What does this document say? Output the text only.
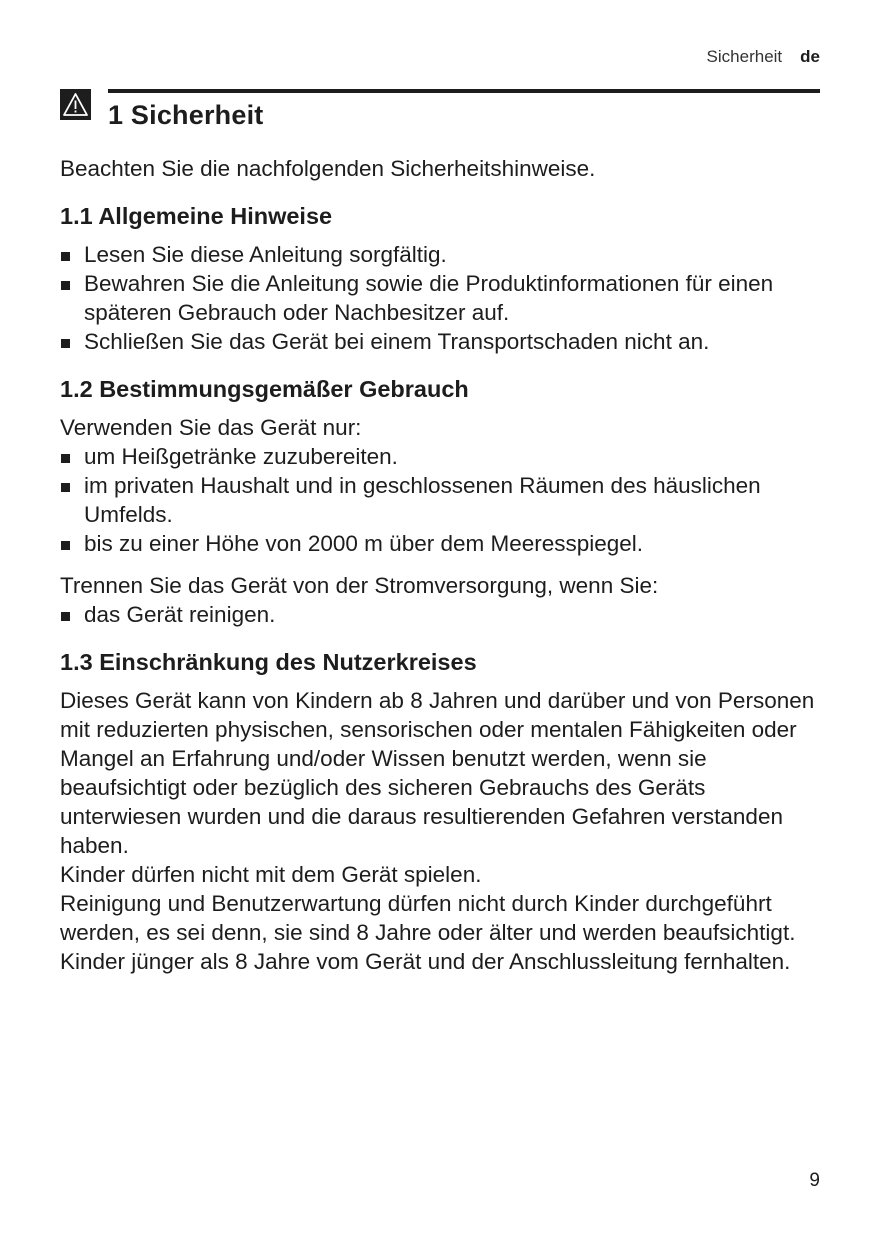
Sicherheit de
1 Sicherheit

Beachten Sie die nachfolgenden Sicherheitshinweise.

1.1 Allgemeine Hinweise
Lesen Sie diese Anleitung sorgfältig.
Bewahren Sie die Anleitung sowie die Produktinformationen für einen späteren Gebrauch oder Nachbesitzer auf.
Schließen Sie das Gerät bei einem Transportschaden nicht an.
1.2 Bestimmungsgemäßer Gebrauch

Verwenden Sie das Gerät nur:

um Heißgetränke zuzubereiten.
im privaten Haushalt und in geschlossenen Räumen des häuslichen Umfelds.
bis zu einer Höhe von 2000 m über dem Meeresspiegel.

Trennen Sie das Gerät von der Stromversorgung, wenn Sie:

das Gerät reinigen.
1.3 Einschränkung des Nutzerkreises

Dieses Gerät kann von Kindern ab 8 Jahren und darüber und von Personen mit reduzierten physischen, sensorischen oder mentalen Fähigkeiten oder Mangel an Erfahrung und/oder Wissen benutzt werden, wenn sie beaufsichtigt oder bezüglich des sicheren Gebrauchs des Geräts unterwiesen wurden und die daraus resultierenden Gefahren verstanden haben.

Kinder dürfen nicht mit dem Gerät spielen.

Reinigung und Benutzerwartung dürfen nicht durch Kinder durchgeführt werden, es sei denn, sie sind 8 Jahre oder älter und werden beaufsichtigt.

Kinder jünger als 8 Jahre vom Gerät und der Anschlussleitung fernhalten.

9
